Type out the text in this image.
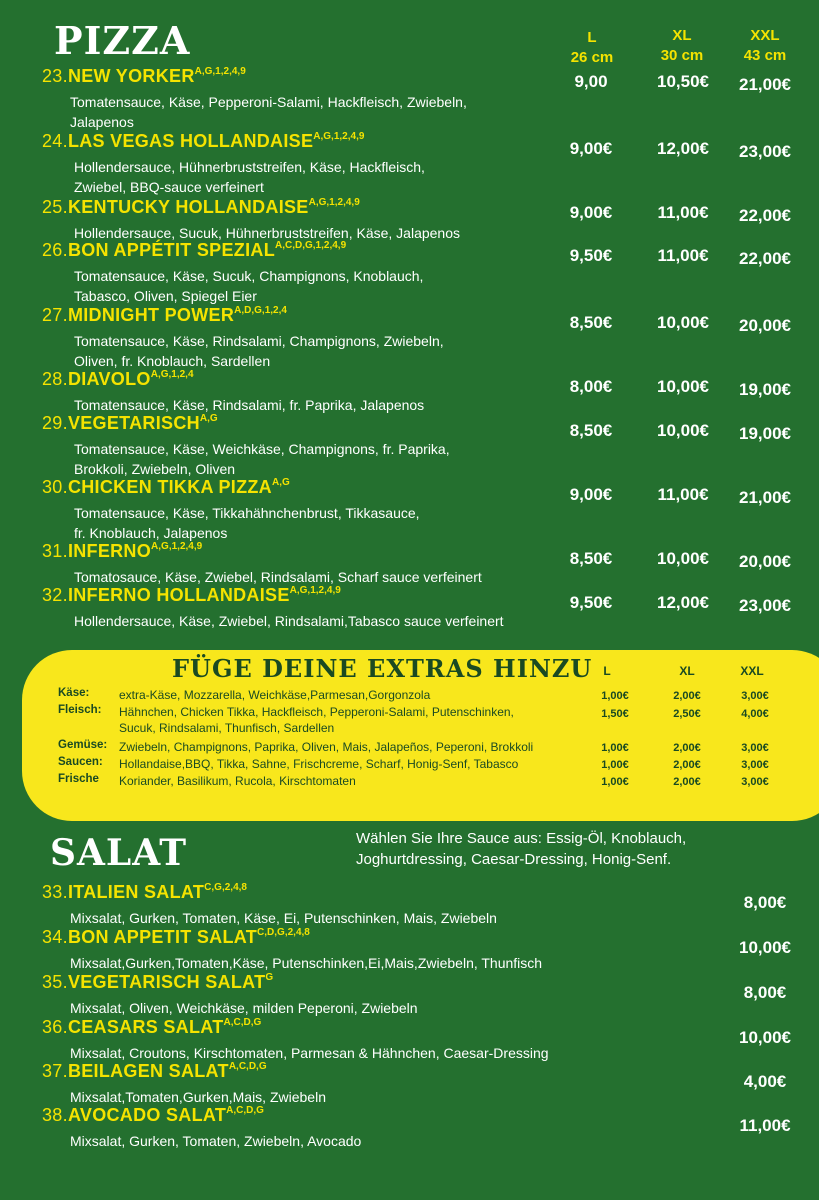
PIZZA	L
26 cm
XL
30 cm
XXL
43 cm
23.NEW $YORKER^{A,G,1,2,4,9}$
Tomatensauce, Käse, Pepperoni-Salami, Hackfleisch, Zwiebeln,
Jalapenos
9,00	10,50€	21,00€
24.LAS VEGAS $HOLLANDAISE^{A,G,1,2,4,9}$
Hollendersauce, Hühnerbruststreifen, Käse, Hackfleisch,
Zwiebel, BBQ-sauce verfeinert
9,00€	12,00€	23,00€
25.KENTUCKY $HOLLANDAISE^{A,G,1,2,4,9}$
Hollendersauce, Sucuk, Hühnerbruststreifen, Käse, Jalapenos
9,00€	11,00€	22,00€
26.BON APPÉTIT $SPEZIAL^{A,C,D,G,1,2,4,9}$
Tomatensauce, Käse, Sucuk, Champignons, Knoblauch,
Tabasco, Oliven, Spiegel Eier
9,50€	11,00€	22,00€
27.MIDNIGHT $POWER^{A,D,G,1,2,4}$
Tomatensauce, Käse, Rindsalami, Champignons, Zwiebeln,
Oliven, fr. Knoblauch, Sardellen
8,50€	10,00€	20,00€
$28.DIAVOLO^{A,G,1,2,4}$
Tomatensauce, Käse, Rindsalami, fr. Paprika, Jalapenos
8,00€	10,00€	19,00€
$29.VEGETARISCH^{A,G}$
Tomatensauce, Käse, Weichkäse, Champignons, fr. Paprika,
Brokkoli, Zwiebeln, Oliven
8,50€	10,00€	19,00€
30.CHICKEN TIKKA $PIZZA^{A,G}$
Tomatensauce, Käse, Tikkahähnchenbrust, Tikkasauce,
fr. Knoblauch, Jalapenos
9,00€	11,00€	21,00€
$31.INFERNO^{A,G,1,2,4,9}$
Tomatosauce, Käse, Zwiebel, Rindsalami, Scharf sauce verfeinert
8,50€	10,00€	20,00€
32.INFERNO $HOLLANDAISE^{A,G,1,2,4,9}$
Hollendersauce, Käse, Zwiebel, Rindsalami,Tabasco sauce verfeinert
9,50€	12,00€	23,00€
FÜGE DEINE EXTRAS HINZU L	XL	XXL
Käse: extra-Käse, Mozzarella, Weichkäse,Parmesan,Gorgonzola	1,00€	2,00€	3,00€
Fleisch: Hähnchen, Chicken Tikka, Hackfleisch, Pepperoni-Salami, Putenschinken,
Sucuk, Rindsalami, Thunfisch, Sardellen
1,50€	2,50€	4,00€
Gemüse: Zwiebeln, Champignons, Paprika, Oliven, Mais, Jalapeños, Peperoni, Brokkoli	1,00€	2,00€	3,00€
Saucen: Hollandaise,BBQ, Tikka, Sahne, Frischcreme, Scharf, Honig-Senf, Tabasco	1,00€	2,00€	3,00€
Frische Koriander, Basilikum, Rucola, Kirschtomaten	1,00€	2,00€	3,00€
SALAT	Wählen Sie Ihre Sauce aus: Essig-Öl, Knoblauch,
Joghurtdressing, Caesar-Dressing, Honig-Senf.
33.ITALIEN $SALAT^{C,G,2,4,8}$
Mixsalat, Gurken, Tomaten, Käse, Ei, Putenschinken, Mais, Zwiebeln
8,00€
34.BON APPETIT $SALAT^{C,D,G,2,4,8}$
Mixsalat,Gurken,Tomaten,Käse, Putenschinken,Ei,Mais,Zwiebeln, Thunfisch
10,00€
35.VEGETARISCH $SALAT^G$
Mixsalat, Oliven, Weichkäse, milden Peperoni, Zwiebeln
8,00€
36.CEASARS $SALAT^{A,C,D,G}$
Mixsalat, Croutons, Kirschtomaten, Parmesan & Hähnchen, Caesar-Dressing
10,00€
37.BEILAGEN $SALAT^{A,C,D,G}$
Mixsalat,Tomaten,Gurken,Mais, Zwiebeln
4,00€
38.AVOCADO $SALAT^{A,C,D,G}$
Mixsalat, Gurken, Tomaten, Zwiebeln, Avocado
11,00€
